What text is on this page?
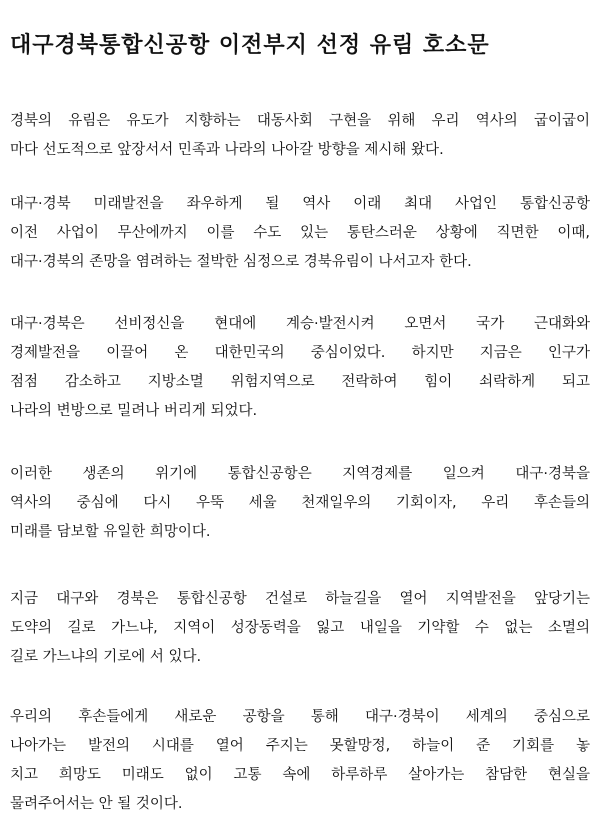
대구경북통합신공항 이전부지 선정 유림 호소문
경북의 유림은 유도가 지향하는 대동사회 구현을 위해 우리 역사의 굽이굽이
마다 선도적으로 앞장서서 민족과 나라의 나아갈 방향을 제시해 왔다.
대구·경북 미래발전을 좌우하게 될 역사 이래 최대 사업인 통합신공항
이전 사업이 무산에까지 이를 수도 있는 통탄스러운 상황에 직면한 이때,
대구·경북의 존망을 염려하는 절박한 심정으로 경북유림이 나서고자 한다.
대구·경북은 선비정신을 현대에 계승·발전시켜 오면서 국가 근대화와
경제발전을 이끌어 온 대한민국의 중심이었다. 하지만 지금은 인구가
점점 감소하고 지방소멸 위험지역으로 전락하여 힘이 쇠락하게 되고
나라의 변방으로 밀려나 버리게 되었다.
이러한 생존의 위기에 통합신공항은 지역경제를 일으켜 대구·경북을
역사의 중심에 다시 우뚝 세울 천재일우의 기회이자, 우리 후손들의
미래를 담보할 유일한 희망이다.
지금 대구와 경북은 통합신공항 건설로 하늘길을 열어 지역발전을 앞당기는
도약의 길로 가느냐, 지역이 성장동력을 잃고 내일을 기약할 수 없는 소멸의
길로 가느냐의 기로에 서 있다.
우리의 후손들에게 새로운 공항을 통해 대구·경북이 세계의 중심으로
나아가는 발전의 시대를 열어 주지는 못할망정, 하늘이 준 기회를 놓
치고 희망도 미래도 없이 고통 속에 하루하루 살아가는 참담한 현실을
물려주어서는 안 될 것이다.
